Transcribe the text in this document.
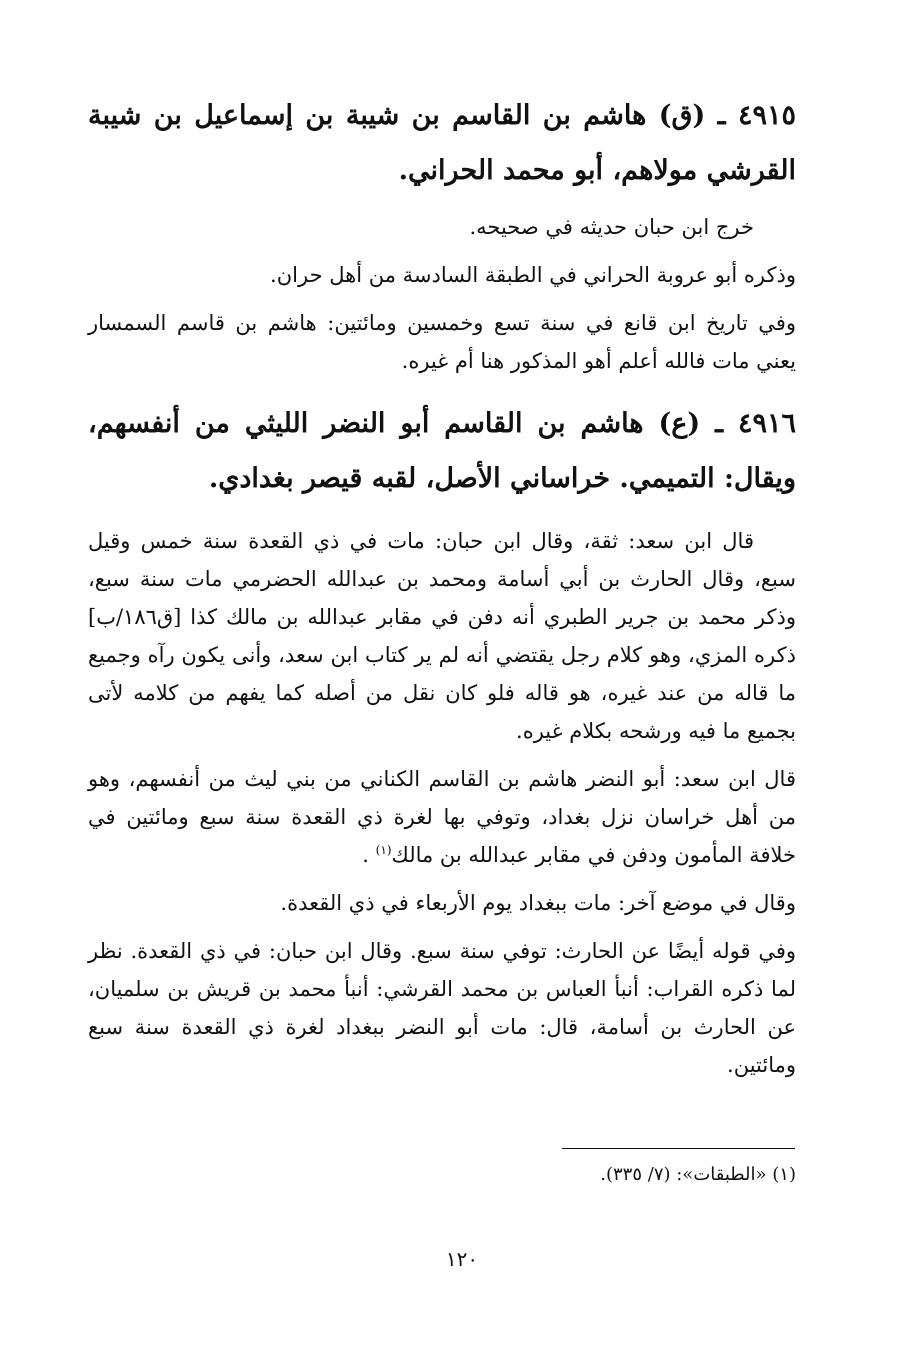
٤٩١٥ ـ (ق) هاشم بن القاسم بن شيبة بن إسماعيل بن شيبة القرشي مولاهم، أبو محمد الحراني.

خرج ابن حبان حديثه في صحيحه.

وذكره أبو عروبة الحراني في الطبقة السادسة من أهل حران.

وفي تاريخ ابن قانع في سنة تسع وخمسين ومائتين: هاشم بن قاسم السمسار يعني مات فالله أعلم أهو المذكور هنا أم غيره.

٤٩١٦ ـ (ع) هاشم بن القاسم أبو النضر الليثي من أنفسهم، ويقال: التميمي. خراساني الأصل، لقبه قيصر بغدادي.

قال ابن سعد: ثقة، وقال ابن حبان: مات في ذي القعدة سنة خمس وقيل سبع، وقال الحارث بن أبي أسامة ومحمد بن عبدالله الحضرمي مات سنة سبع، وذكر محمد بن جرير الطبري أنه دفن في مقابر عبدالله بن مالك كذا [ق١٨٦/ب] ذكره المزي، وهو كلام رجل يقتضي أنه لم ير كتاب ابن سعد، وأنى يكون رآه وجميع ما قاله من عند غيره، هو قاله فلو كان نقل من أصله كما يفهم من كلامه لأتى بجميع ما فيه ورشحه بكلام غيره.

قال ابن سعد: أبو النضر هاشم بن القاسم الكناني من بني ليث من أنفسهم، وهو من أهل خراسان نزل بغداد، وتوفي بها لغرة ذي القعدة سنة سبع ومائتين في خلافة المأمون ودفن في مقابر عبدالله بن مالك$^{(١)}$ .

وقال في موضع آخر: مات ببغداد يوم الأربعاء في ذي القعدة.

وفي قوله أيضًا عن الحارث: توفي سنة سبع. وقال ابن حبان: في ذي القعدة. نظر لما ذكره القراب: أنبأ العباس بن محمد القرشي: أنبأ محمد بن قريش بن سلميان، عن الحارث بن أسامة، قال: مات أبو النضر ببغداد لغرة ذي القعدة سنة سبع ومائتين.

(١) «الطبقات»: (٧/ ٣٣٥).
١٢٠
